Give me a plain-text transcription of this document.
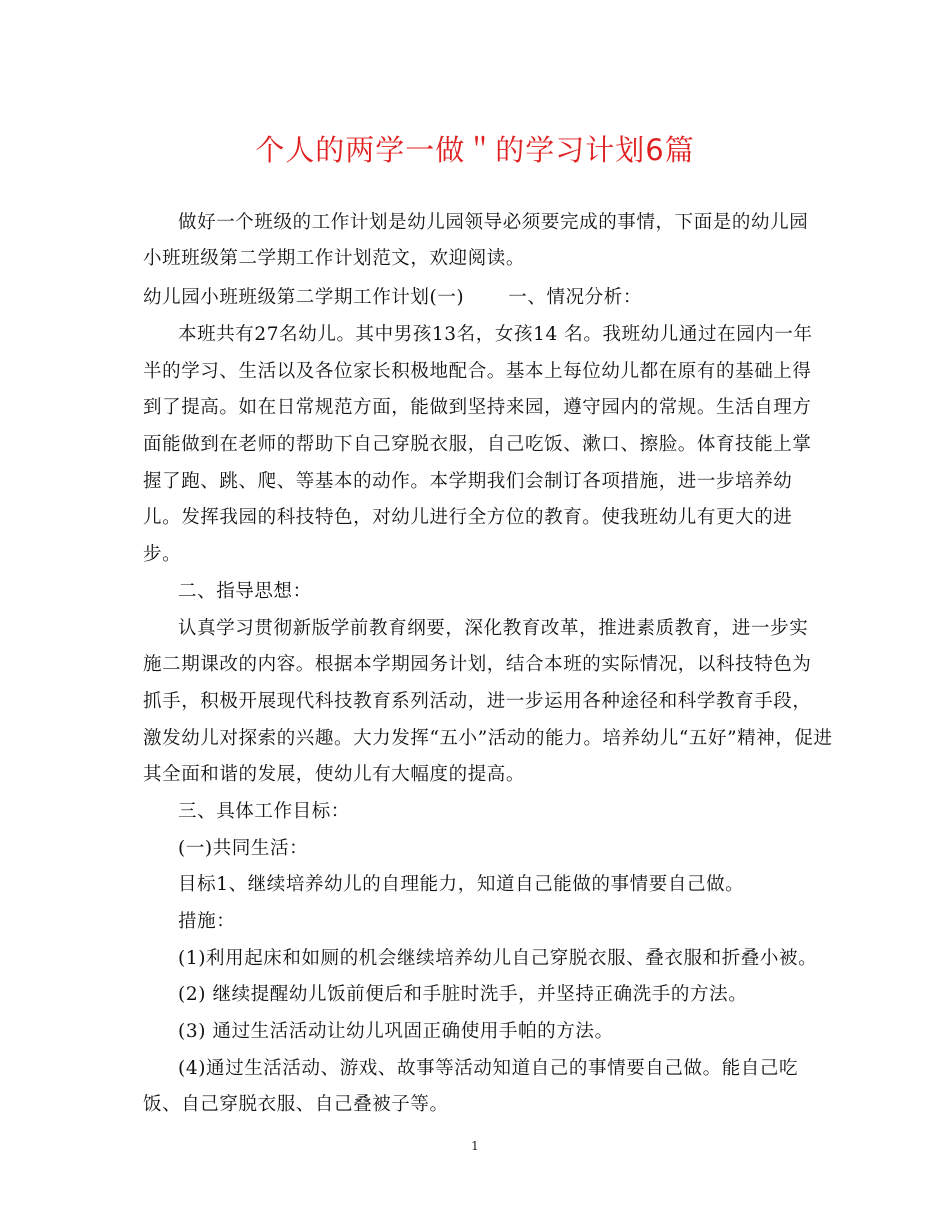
个人的两学一做＂的学习计划6篇
做好一个班级的工作计划是幼儿园领导必须要完成的事情，下面是的幼儿园
小班班级第二学期工作计划范文，欢迎阅读。
幼儿园小班班级第二学期工作计划(一) 一、情况分析：
本班共有27名幼儿。其中男孩13名，女孩14 名。我班幼儿通过在园内一年
半的学习、生活以及各位家长积极地配合。基本上每位幼儿都在原有的基础上得
到了提高。如在日常规范方面，能做到坚持来园，遵守园内的常规。生活自理方
面能做到在老师的帮助下自己穿脱衣服，自己吃饭、漱口、擦脸。体育技能上掌
握了跑、跳、爬、等基本的动作。本学期我们会制订各项措施，进一步培养幼
儿。发挥我园的科技特色，对幼儿进行全方位的教育。使我班幼儿有更大的进
步。
二、指导思想：
认真学习贯彻新版学前教育纲要，深化教育改革，推进素质教育，进一步实
施二期课改的内容。根据本学期园务计划，结合本班的实际情况，以科技特色为
抓手，积极开展现代科技教育系列活动，进一步运用各种途径和科学教育手段，
激发幼儿对探索的兴趣。大力发挥“五小”活动的能力。培养幼儿“五好”精神，促进
其全面和谐的发展，使幼儿有大幅度的提高。
三、具体工作目标：
(一)共同生活：
目标1、继续培养幼儿的自理能力，知道自己能做的事情要自己做。
措施：
(1)利用起床和如厕的机会继续培养幼儿自己穿脱衣服、叠衣服和折叠小被。
(2) 继续提醒幼儿饭前便后和手脏时洗手，并坚持正确洗手的方法。
(3) 通过生活活动让幼儿巩固正确使用手帕的方法。
(4)通过生活活动、游戏、故事等活动知道自己的事情要自己做。能自己吃
饭、自己穿脱衣服、自己叠被子等。
1
